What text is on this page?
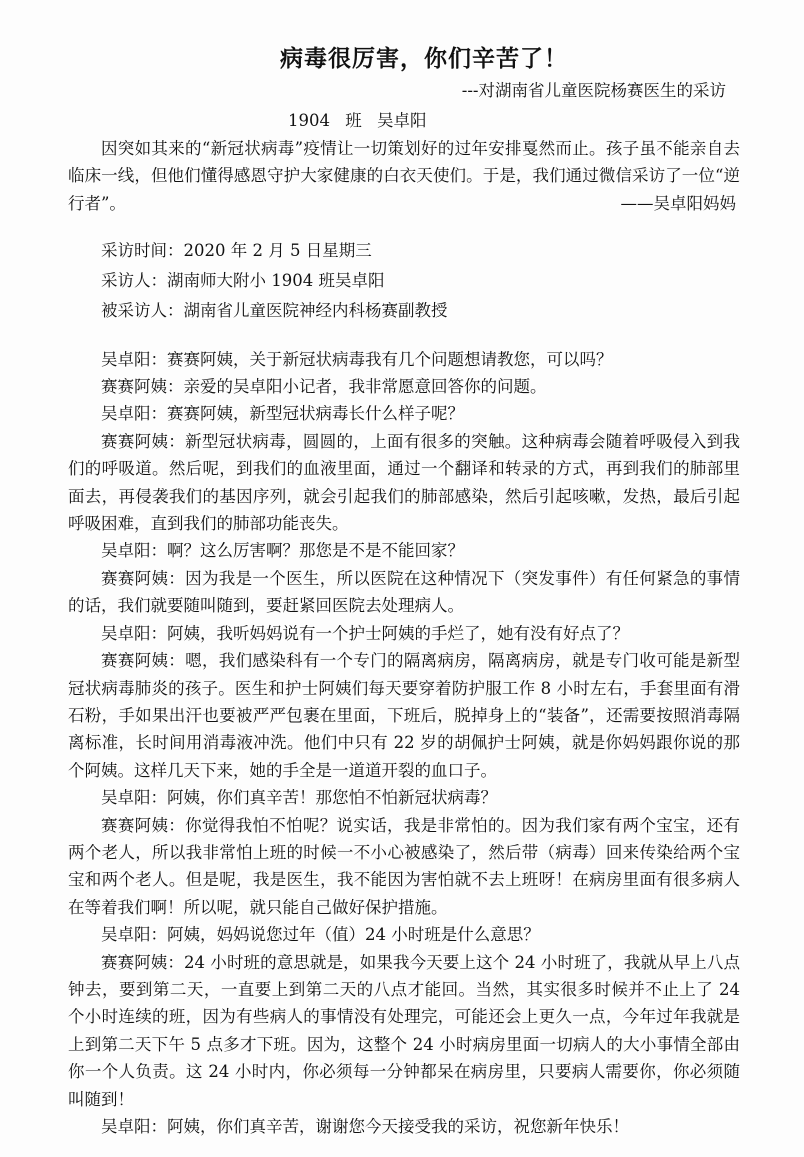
病毒很厉害，你们辛苦了！
---对湖南省儿童医院杨赛医生的采访
1904 班 吴卓阳

因突如其来的“新冠状病毒”疫情让一切策划好的过年安排戛然而止。孩子虽不能亲自去临床一线，但他们懂得感恩守护大家健康的白衣天使们。于是，我们通过微信采访了一位“逆行者”。	——吴卓阳妈妈
采访时间：2020 年 2 月 5 日星期三
采访人：湖南师大附小 1904 班吴卓阳
被采访人：湖南省儿童医院神经内科杨赛副教授

吴卓阳：赛赛阿姨，关于新冠状病毒我有几个问题想请教您，可以吗？

赛赛阿姨：亲爱的吴卓阳小记者，我非常愿意回答你的问题。

吴卓阳：赛赛阿姨，新型冠状病毒长什么样子呢？

赛赛阿姨：新型冠状病毒，圆圆的，上面有很多的突触。这种病毒会随着呼吸侵入到我们的呼吸道。然后呢，到我们的血液里面，通过一个翻译和转录的方式，再到我们的肺部里面去，再侵袭我们的基因序列，就会引起我们的肺部感染，然后引起咳嗽，发热，最后引起呼吸困难，直到我们的肺部功能丧失。

吴卓阳：啊？这么厉害啊？那您是不是不能回家？

赛赛阿姨：因为我是一个医生，所以医院在这种情况下（突发事件）有任何紧急的事情的话，我们就要随叫随到，要赶紧回医院去处理病人。

吴卓阳：阿姨，我听妈妈说有一个护士阿姨的手烂了，她有没有好点了？

赛赛阿姨：嗯，我们感染科有一个专门的隔离病房，隔离病房，就是专门收可能是新型冠状病毒肺炎的孩子。医生和护士阿姨们每天要穿着防护服工作 8 小时左右，手套里面有滑石粉，手如果出汗也要被严严包裹在里面，下班后，脱掉身上的“装备”，还需要按照消毒隔离标准，长时间用消毒液冲洗。他们中只有 22 岁的胡佩护士阿姨，就是你妈妈跟你说的那个阿姨。这样几天下来，她的手全是一道道开裂的血口子。

吴卓阳：阿姨，你们真辛苦！那您怕不怕新冠状病毒？

赛赛阿姨：你觉得我怕不怕呢？说实话，我是非常怕的。因为我们家有两个宝宝，还有两个老人，所以我非常怕上班的时候一不小心被感染了，然后带（病毒）回来传染给两个宝宝和两个老人。但是呢，我是医生，我不能因为害怕就不去上班呀！在病房里面有很多病人在等着我们啊！所以呢，就只能自己做好保护措施。

吴卓阳：阿姨，妈妈说您过年（值）24 小时班是什么意思？

赛赛阿姨：24 小时班的意思就是，如果我今天要上这个 24 小时班了，我就从早上八点钟去，要到第二天，一直要上到第二天的八点才能回。当然，其实很多时候并不止上了 24 个小时连续的班，因为有些病人的事情没有处理完，可能还会上更久一点，今年过年我就是上到第二天下午 5 点多才下班。因为，这整个 24 小时病房里面一切病人的大小事情全部由你一个人负责。这 24 小时内，你必须每一分钟都呆在病房里，只要病人需要你，你必须随叫随到！

吴卓阳：阿姨，你们真辛苦，谢谢您今天接受我的采访，祝您新年快乐！
